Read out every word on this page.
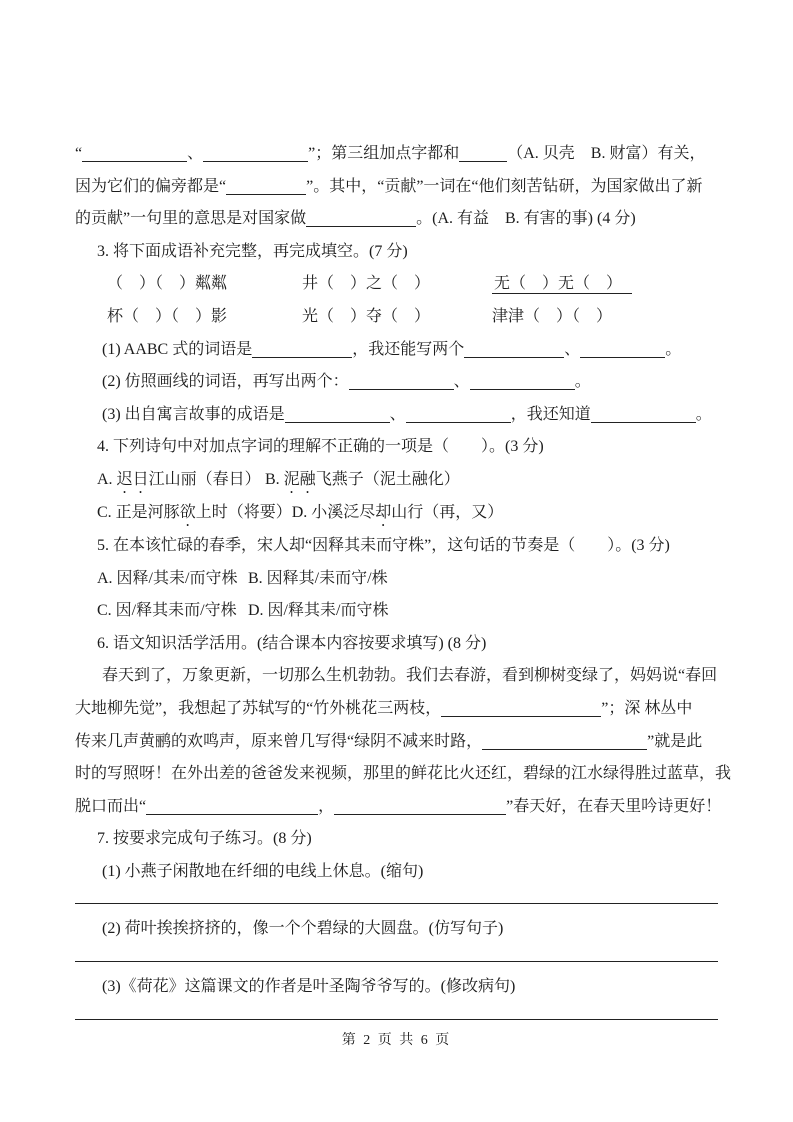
“	、	”；第三组加点字都和	（A. 贝壳　B. 财富）有关，
因为它们的偏旁都是“	”。其中，“贡献”一词在“他们刻苦钻研，为国家做出了新
的贡献”一句里的意思是对国家做	。(A. 有益　B. 有害的事) (4 分)
3. 将下面成语补充完整，再完成填空。(7 分)
（　）（　）粼粼	井（　）之（　）	无（　）无（　）
杯（　）（　）影	光（　）夺（　）	津津（　）（　）
(1) AABC 式的词语是	，我还能写两个	、	。
(2) 仿照画线的词语，再写出两个：	、	。
(3) 出自寓言故事的成语是	、	，我还知道	。
4. 下列诗句中对加点字词的理解不正确的一项是（　　）。(3 分)
A. 迟日江山丽（春日） B. 泥融飞燕子（泥土融化）
C. 正是河豚欲上时（将要）D. 小溪泛尽却山行（再，又）
5. 在本该忙碌的春季，宋人却“因释其耒而守株”，这句话的节奏是（　　）。(3 分)
A. 因释/其耒/而守株 B. 因释其/耒而守/株
C. 因/释其耒而/守株 D. 因/释其耒/而守株
6. 语文知识活学活用。(结合课本内容按要求填写) (8 分)
春天到了，万象更新，一切那么生机勃勃。我们去春游，看到柳树变绿了，妈妈说“春回
大地柳先觉”，我想起了苏轼写的“竹外桃花三两枝，	”；深 林丛中
传来几声黄鹂的欢鸣声，原来曾几写得“绿阴不减来时路，	”就是此
时的写照呀！在外出差的爸爸发来视频，那里的鲜花比火还红，碧绿的江水绿得胜过蓝草，我
脱口而出“	，	”春天好，在春天里吟诗更好！
7. 按要求完成句子练习。(8 分)
(1) 小燕子闲散地在纤细的电线上休息。(缩句)
(2) 荷叶挨挨挤挤的，像一个个碧绿的大圆盘。(仿写句子)
(3)《荷花》这篇课文的作者是叶圣陶爷爷写的。(修改病句)
第 2 页 共 6 页
